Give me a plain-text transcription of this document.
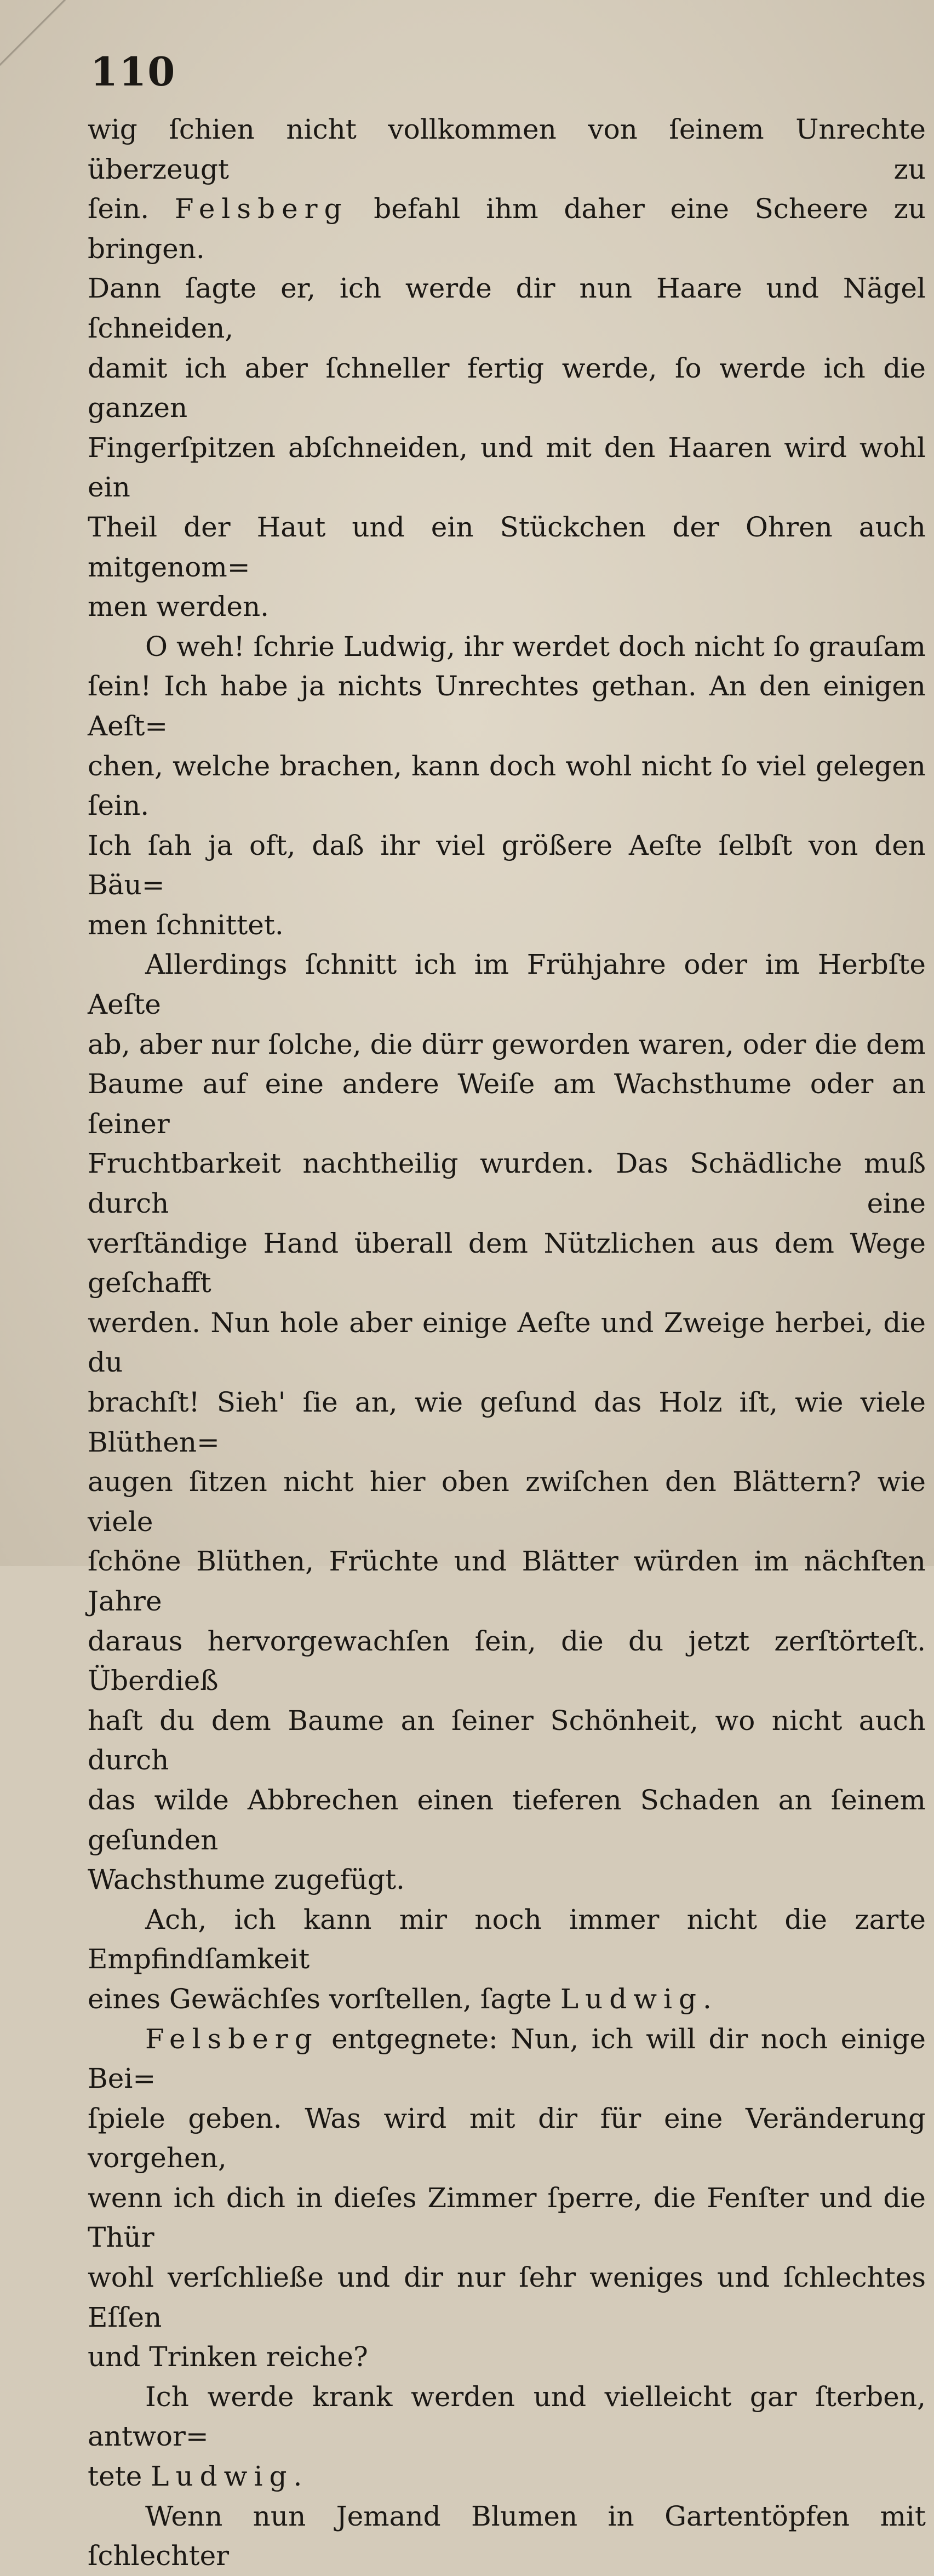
110

wig ſchien nicht vollkommen von ſeinem Unrechte überzeugt zu

ſein. Felsberg befahl ihm daher eine Scheere zu bringen.

Dann ſagte er, ich werde dir nun Haare und Nägel ſchneiden,

damit ich aber ſchneller fertig werde, ſo werde ich die ganzen

Fingerſpitzen abſchneiden, und mit den Haaren wird wohl ein

Theil der Haut und ein Stückchen der Ohren auch mitgenom=

men werden.

O weh! ſchrie Ludwig, ihr werdet doch nicht ſo grauſam

ſein! Ich habe ja nichts Unrechtes gethan. An den einigen Aeſt=

chen, welche brachen, kann doch wohl nicht ſo viel gelegen ſein.

Ich ſah ja oft, daß ihr viel größere Aeſte ſelbſt von den Bäu=

men ſchnittet.

Allerdings ſchnitt ich im Frühjahre oder im Herbſte Aeſte

ab, aber nur ſolche, die dürr geworden waren, oder die dem

Baume auf eine andere Weiſe am Wachsthume oder an ſeiner

Fruchtbarkeit nachtheilig wurden. Das Schädliche muß durch eine

verſtändige Hand überall dem Nützlichen aus dem Wege geſchafft

werden. Nun hole aber einige Aeſte und Zweige herbei, die du

brachſt! Sieh' ſie an, wie geſund das Holz iſt, wie viele Blüthen=

augen ſitzen nicht hier oben zwiſchen den Blättern? wie viele

ſchöne Blüthen, Früchte und Blätter würden im nächſten Jahre

daraus hervorgewachſen ſein, die du jetzt zerſtörteſt. Überdieß

haſt du dem Baume an ſeiner Schönheit, wo nicht auch durch

das wilde Abbrechen einen tieferen Schaden an ſeinem geſunden

Wachsthume zugefügt.

Ach, ich kann mir noch immer nicht die zarte Empfindſamkeit

eines Gewächſes vorſtellen, ſagte Ludwig.

Felsberg entgegnete: Nun, ich will dir noch einige Bei=

ſpiele geben. Was wird mit dir für eine Veränderung vorgehen,

wenn ich dich in dieſes Zimmer ſperre, die Fenſter und die Thür

wohl verſchließe und dir nur ſehr weniges und ſchlechtes Eſſen

und Trinken reiche?

Ich werde krank werden und vielleicht gar ſterben, antwor=

tete Ludwig.

Wenn nun Jemand Blumen in Gartentöpfen mit ſchlechter
